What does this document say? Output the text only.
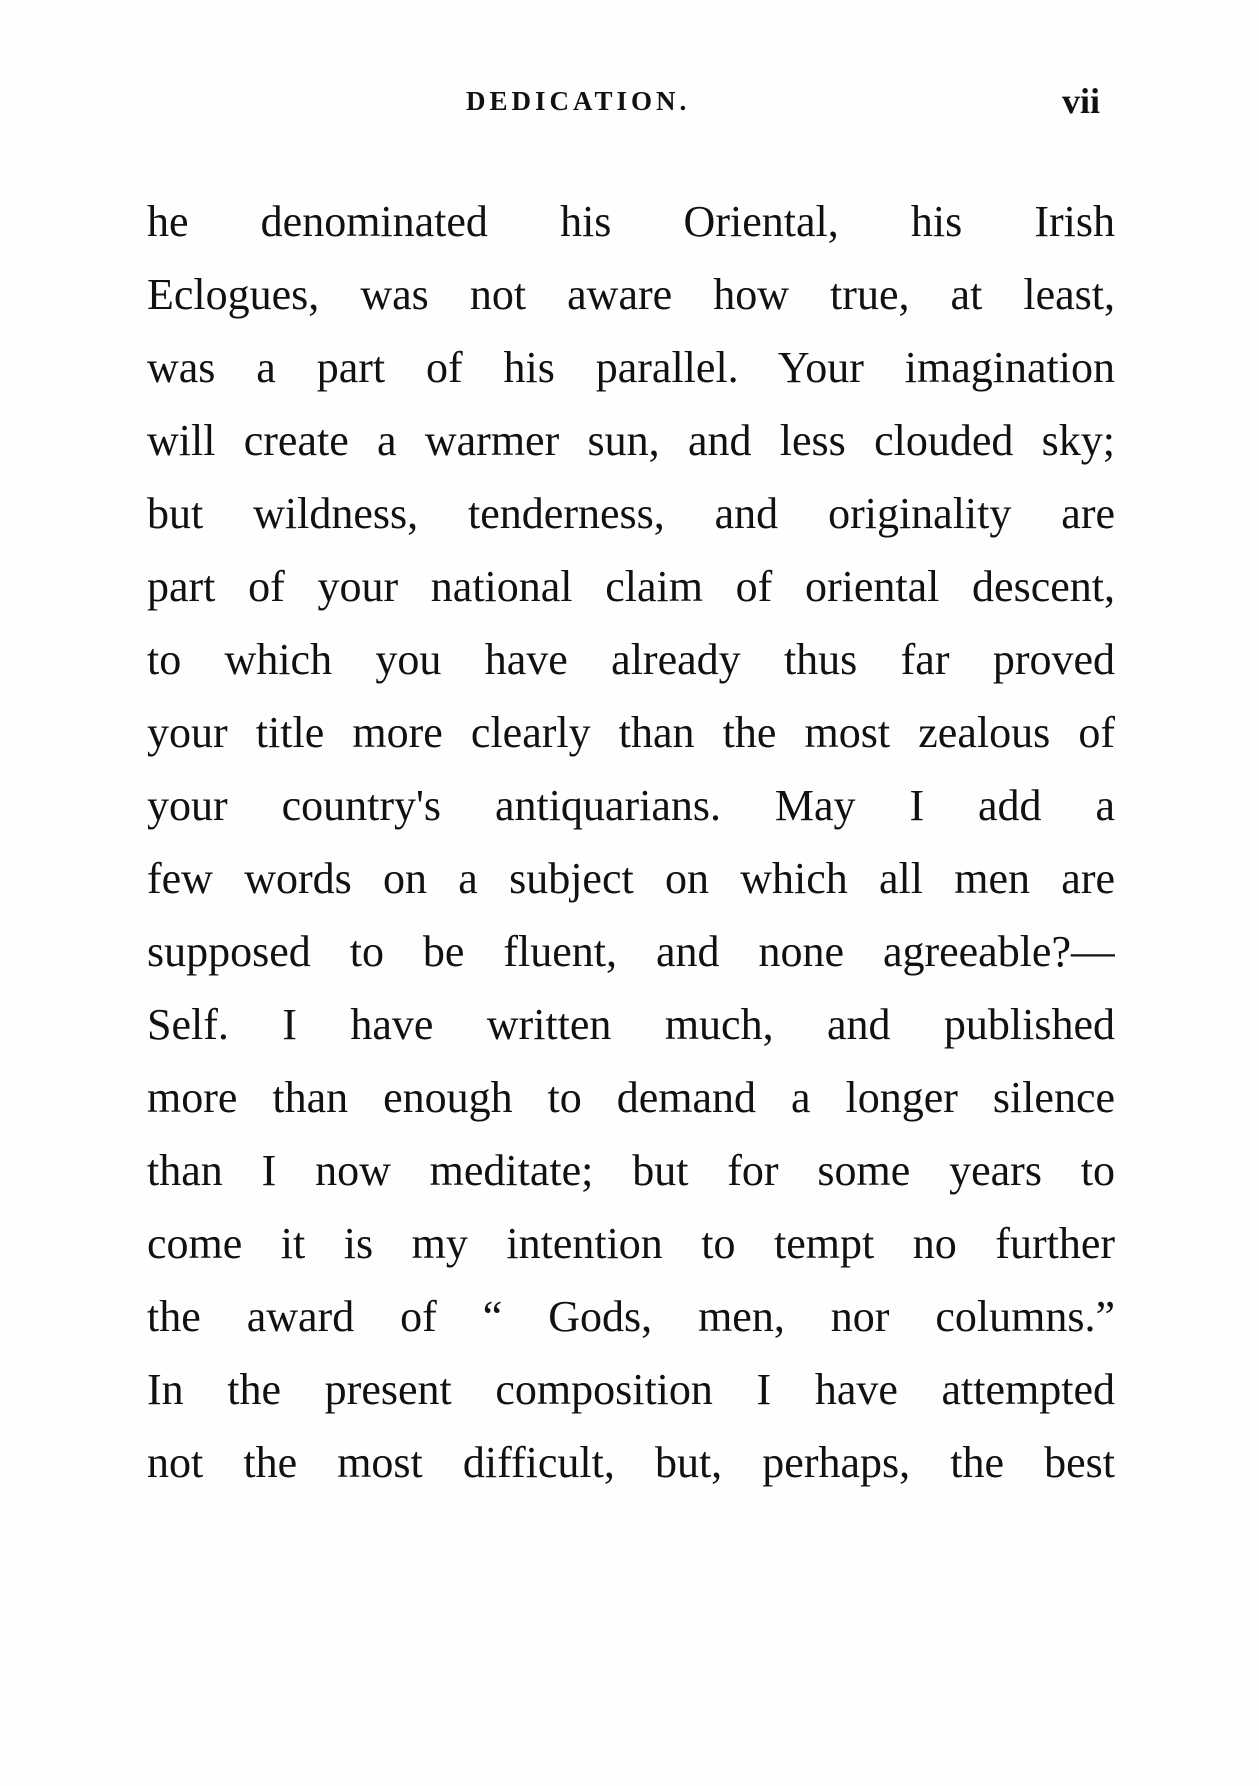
DEDICATION.	vii
he denominated his Oriental, his Irish
Eclogues, was not aware how true, at least,
was a part of his parallel. Your imagination
will create a warmer sun, and less clouded sky;
but wildness, tenderness, and originality are
part of your national claim of oriental descent,
to which you have already thus far proved
your title more clearly than the most zealous of
your country's antiquarians. May I add a
few words on a subject on which all men are
supposed to be fluent, and none agreeable?—
Self. I have written much, and published
more than enough to demand a longer silence
than I now meditate; but for some years to
come it is my intention to tempt no further
the award of “ Gods, men, nor columns.”
In the present composition I have attempted
not the most difficult, but, perhaps, the best
